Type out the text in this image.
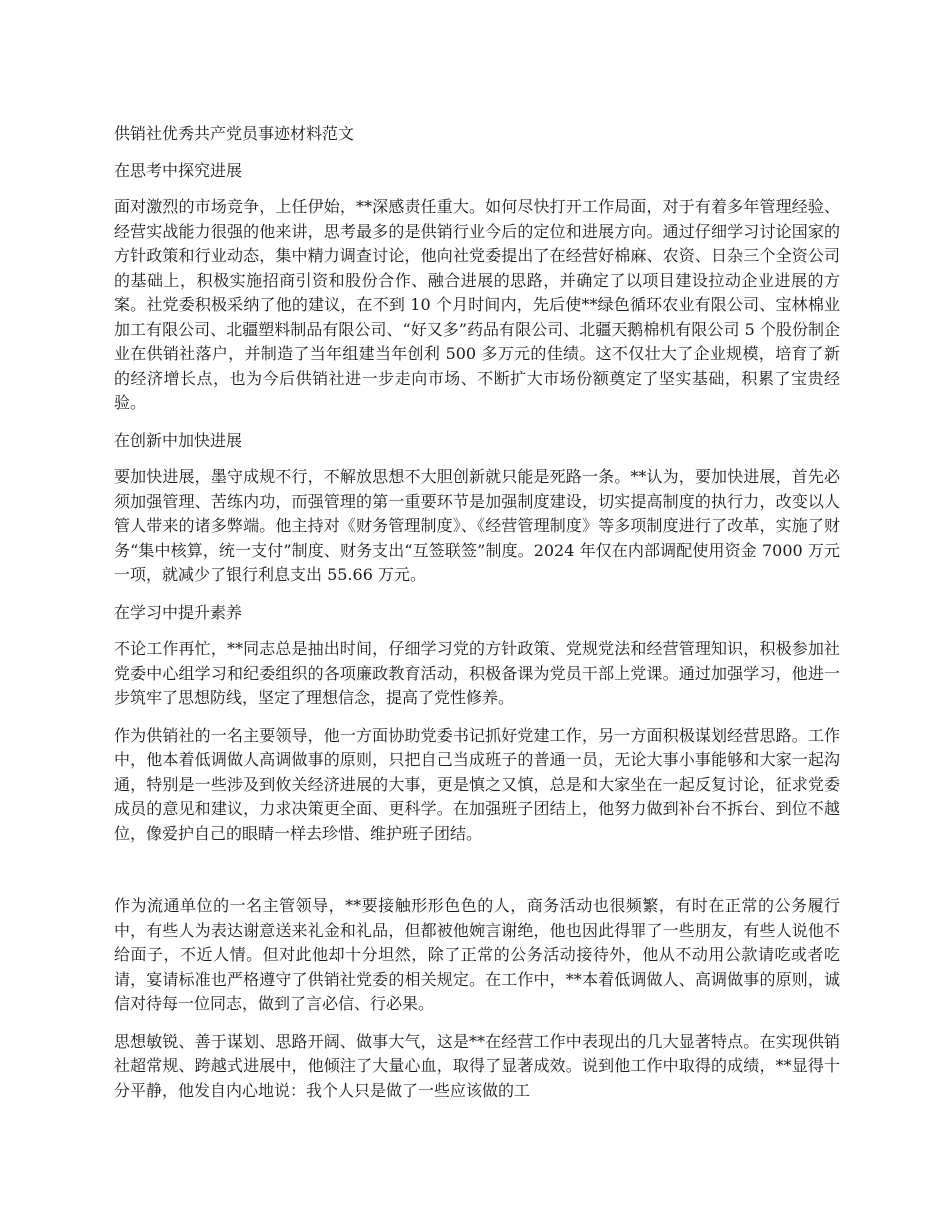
供销社优秀共产党员事迹材料范文

在思考中探究进展

面对激烈的市场竞争，上任伊始，**深感责任重大。如何尽快打开工作局面，对于有着多年管理经验、经营实战能力很强的他来讲，思考最多的是供销行业今后的定位和进展方向。通过仔细学习讨论国家的方针政策和行业动态，集中精力调查讨论，他向社党委提出了在经营好棉麻、农资、日杂三个全资公司的基础上，积极实施招商引资和股份合作、融合进展的思路，并确定了以项目建设拉动企业进展的方案。社党委积极采纳了他的建议，在不到 10 个月时间内，先后使**绿色循环农业有限公司、宝林棉业加工有限公司、北疆塑料制品有限公司、“好又多”药品有限公司、北疆天鹅棉机有限公司 5 个股份制企业在供销社落户，并制造了当年组建当年创利 500 多万元的佳绩。这不仅壮大了企业规模，培育了新的经济增长点，也为今后供销社进一步走向市场、不断扩大市场份额奠定了坚实基础，积累了宝贵经验。

在创新中加快进展

要加快进展，墨守成规不行，不解放思想不大胆创新就只能是死路一条。**认为，要加快进展，首先必须加强管理、苦练内功，而强管理的第一重要环节是加强制度建设，切实提高制度的执行力，改变以人管人带来的诸多弊端。他主持对《财务管理制度》、《经营管理制度》等多项制度进行了改革，实施了财务“集中核算，统一支付”制度、财务支出“互签联签”制度。2024 年仅在内部调配使用资金 7000 万元一项，就减少了银行利息支出 55.66 万元。

在学习中提升素养

不论工作再忙，**同志总是抽出时间，仔细学习党的方针政策、党规党法和经营管理知识，积极参加社党委中心组学习和纪委组织的各项廉政教育活动，积极备课为党员干部上党课。通过加强学习，他进一步筑牢了思想防线，坚定了理想信念，提高了党性修养。

作为供销社的一名主要领导，他一方面协助党委书记抓好党建工作，另一方面积极谋划经营思路。工作中，他本着低调做人高调做事的原则，只把自己当成班子的普通一员，无论大事小事能够和大家一起沟通，特别是一些涉及到攸关经济进展的大事，更是慎之又慎，总是和大家坐在一起反复讨论，征求党委成员的意见和建议，力求决策更全面、更科学。在加强班子团结上，他努力做到补台不拆台、到位不越位，像爱护自己的眼睛一样去珍惜、维护班子团结。

作为流通单位的一名主管领导，**要接触形形色色的人，商务活动也很频繁，有时在正常的公务履行中，有些人为表达谢意送来礼金和礼品，但都被他婉言谢绝，他也因此得罪了一些朋友，有些人说他不给面子，不近人情。但对此他却十分坦然，除了正常的公务活动接待外，他从不动用公款请吃或者吃请，宴请标准也严格遵守了供销社党委的相关规定。在工作中，**本着低调做人、高调做事的原则，诚信对待每一位同志，做到了言必信、行必果。

思想敏锐、善于谋划、思路开阔、做事大气，这是**在经营工作中表现出的几大显著特点。在实现供销社超常规、跨越式进展中，他倾注了大量心血，取得了显著成效。说到他工作中取得的成绩，**显得十分平静，他发自内心地说：我个人只是做了一些应该做的工
